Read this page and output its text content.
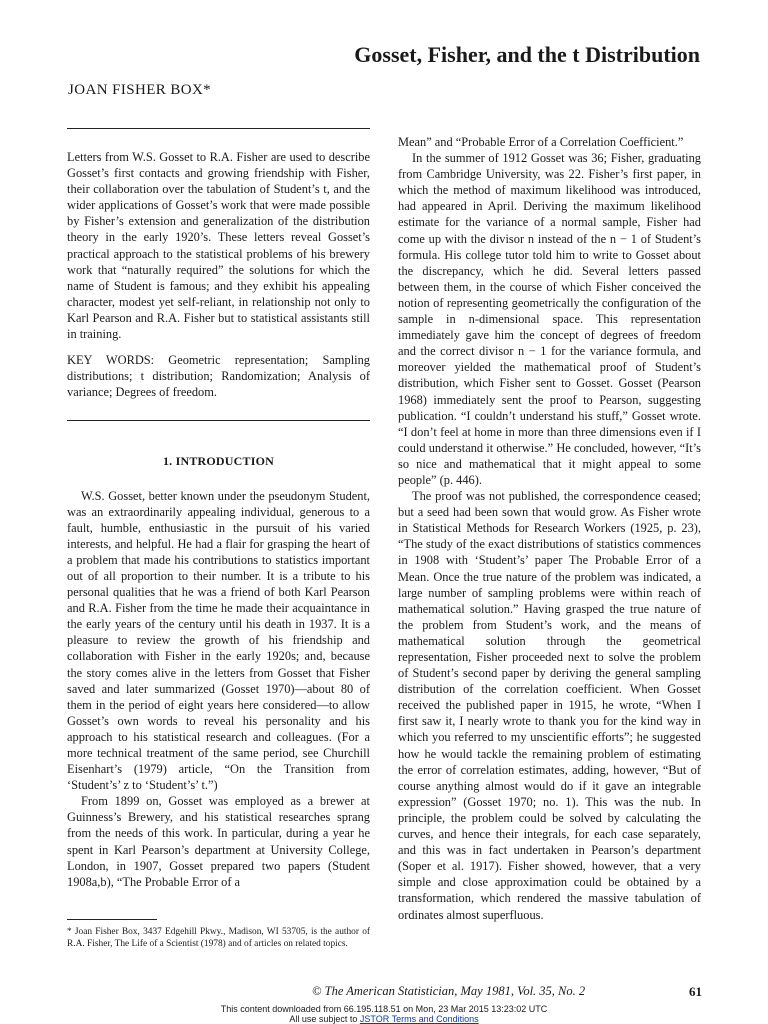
Gosset, Fisher, and the t Distribution
JOAN FISHER BOX*

Letters from W.S. Gosset to R.A. Fisher are used to describe Gosset’s first contacts and growing friendship with Fisher, their collaboration over the tabulation of Student’s t, and the wider applications of Gosset’s work that were made possible by Fisher’s extension and generalization of the distribution theory in the early 1920’s. These letters reveal Gosset’s practical approach to the statistical problems of his brewery work that “naturally required” the solutions for which the name of Student is famous; and they exhibit his appealing character, modest yet self-reliant, in relationship not only to Karl Pearson and R.A. Fisher but to statistical assistants still in training.

KEY WORDS: Geometric representation; Sampling distributions; t distribution; Randomization; Analysis of variance; Degrees of freedom.

1. INTRODUCTION

W.S. Gosset, better known under the pseudonym Student, was an extraordinarily appealing individual, generous to a fault, humble, enthusiastic in the pursuit of his varied interests, and helpful. He had a flair for grasping the heart of a problem that made his contributions to statistics important out of all proportion to their number. It is a tribute to his personal qualities that he was a friend of both Karl Pearson and R.A. Fisher from the time he made their acquaintance in the early years of the century until his death in 1937. It is a pleasure to review the growth of his friendship and collaboration with Fisher in the early 1920s; and, because the story comes alive in the letters from Gosset that Fisher saved and later summarized (Gosset 1970)—about 80 of them in the period of eight years here considered—to allow Gosset’s own words to reveal his personality and his approach to his statistical research and colleagues. (For a more technical treatment of the same period, see Churchill Eisenhart’s (1979) article, “On the Transition from ‘Student’s’ z to ‘Student’s’ t.”)

From 1899 on, Gosset was employed as a brewer at Guinness’s Brewery, and his statistical researches sprang from the needs of this work. In particular, during a year he spent in Karl Pearson’s department at University College, London, in 1907, Gosset prepared two papers (Student 1908a,b), “The Probable Error of a

Mean” and “Probable Error of a Correlation Coefficient.”

In the summer of 1912 Gosset was 36; Fisher, graduating from Cambridge University, was 22. Fisher’s first paper, in which the method of maximum likelihood was introduced, had appeared in April. Deriving the maximum likelihood estimate for the variance of a normal sample, Fisher had come up with the divisor n instead of the n − 1 of Student’s formula. His college tutor told him to write to Gosset about the discrepancy, which he did. Several letters passed between them, in the course of which Fisher conceived the notion of representing geometrically the configuration of the sample in n-dimensional space. This representation immediately gave him the concept of degrees of freedom and the correct divisor n − 1 for the variance formula, and moreover yielded the mathematical proof of Student’s distribution, which Fisher sent to Gosset. Gosset (Pearson 1968) immediately sent the proof to Pearson, suggesting publication. “I couldn’t understand his stuff,” Gosset wrote. “I don’t feel at home in more than three dimensions even if I could understand it otherwise.” He concluded, however, “It’s so nice and mathematical that it might appeal to some people” (p. 446).

The proof was not published, the correspondence ceased; but a seed had been sown that would grow. As Fisher wrote in Statistical Methods for Research Workers (1925, p. 23), “The study of the exact distributions of statistics commences in 1908 with ‘Student’s’ paper The Probable Error of a Mean. Once the true nature of the problem was indicated, a large number of sampling problems were within reach of mathematical solution.” Having grasped the true nature of the problem from Student’s work, and the means of mathematical solution through the geometrical representation, Fisher proceeded next to solve the problem of Student’s second paper by deriving the general sampling distribution of the correlation coefficient. When Gosset received the published paper in 1915, he wrote, “When I first saw it, I nearly wrote to thank you for the kind way in which you referred to my unscientific efforts”; he suggested how he would tackle the remaining problem of estimating the error of correlation estimates, adding, however, “But of course anything almost would do if it gave an integrable expression” (Gosset 1970; no. 1). This was the nub. In principle, the problem could be solved by calculating the curves, and hence their integrals, for each case separately, and this was in fact undertaken in Pearson’s department (Soper et al. 1917). Fisher showed, however, that a very simple and close approximation could be obtained by a transformation, which rendered the massive tabulation of ordinates almost superfluous.

* Joan Fisher Box, 3437 Edgehill Pkwy., Madison, WI 53705, is the author of R.A. Fisher, The Life of a Scientist (1978) and of articles on related topics.
© The American Statistician, May 1981, Vol. 35, No. 2	61
This content downloaded from 66.195.118.51 on Mon, 23 Mar 2015 13:23:02 UTC
All use subject to JSTOR Terms and Conditions
